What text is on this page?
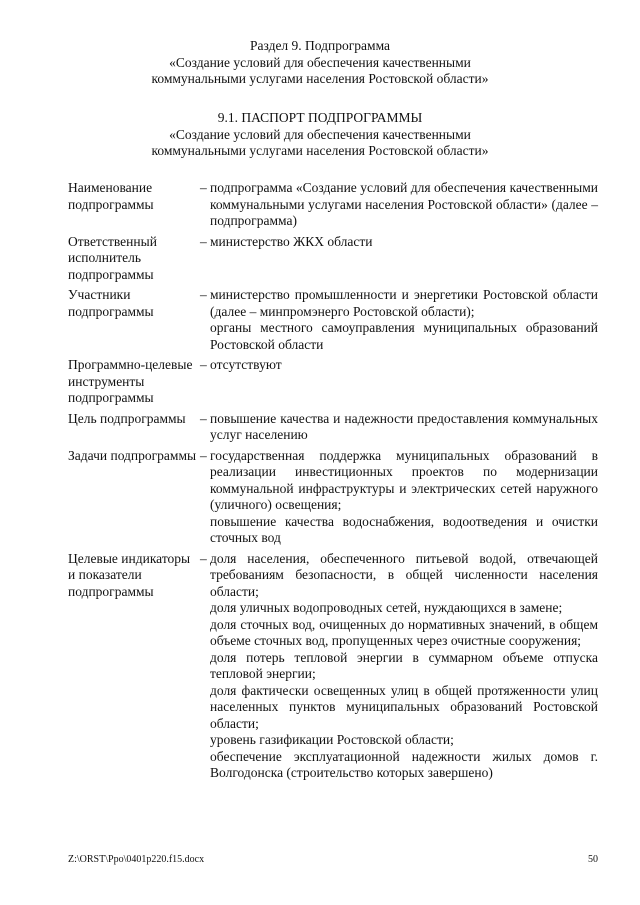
Раздел 9. Подпрограмма
«Создание условий для обеспечения качественными
коммунальными услугами населения Ростовской области»
9.1. ПАСПОРТ ПОДПРОГРАММЫ
«Создание условий для обеспечения качественными
коммунальными услугами населения Ростовской области»
Наименование подпрограммы
– подпрограмма «Создание условий для обеспечения качественными коммунальными услугами населения Ростовской области» (далее – подпрограмма)

Ответственный исполнитель подпрограммы
– министерство ЖКХ области

Участники подпрограммы
– министерство промышленности и энергетики Ростовской области (далее – минпромэнерго Ростовской области);

органы местного самоуправления муниципальных образований Ростовской области

Программно-целевые инструменты подпрограммы
– отсутствуют

Цель подпрограммы	– повышение качества и надежности предоставления коммунальных услуг населению

Задачи подпрограммы – государственная поддержка муниципальных образований в реализации инвестиционных проектов по модернизации коммунальной инфраструктуры и электрических сетей наружного (уличного) освещения;

повышение качества водоснабжения, водоотведения и очистки сточных вод

Целевые индикаторы и показатели подпрограммы
– доля населения, обеспеченного питьевой водой, отвечающей требованиям безопасности, в общей численности населения области;

доля уличных водопроводных сетей, нуждающихся в замене;

доля сточных вод, очищенных до нормативных значений, в общем объеме сточных вод, пропущенных через очистные сооружения;

доля потерь тепловой энергии в суммарном объеме отпуска тепловой энергии;

доля фактически освещенных улиц в общей протяженности улиц населенных пунктов муниципальных образований Ростовской области;

уровень газификации Ростовской области;

обеспечение эксплуатационной надежности жилых домов г. Волгодонска (строительство которых завершено)

Z:\ORST\Ppo\0401p220.f15.docx	50
